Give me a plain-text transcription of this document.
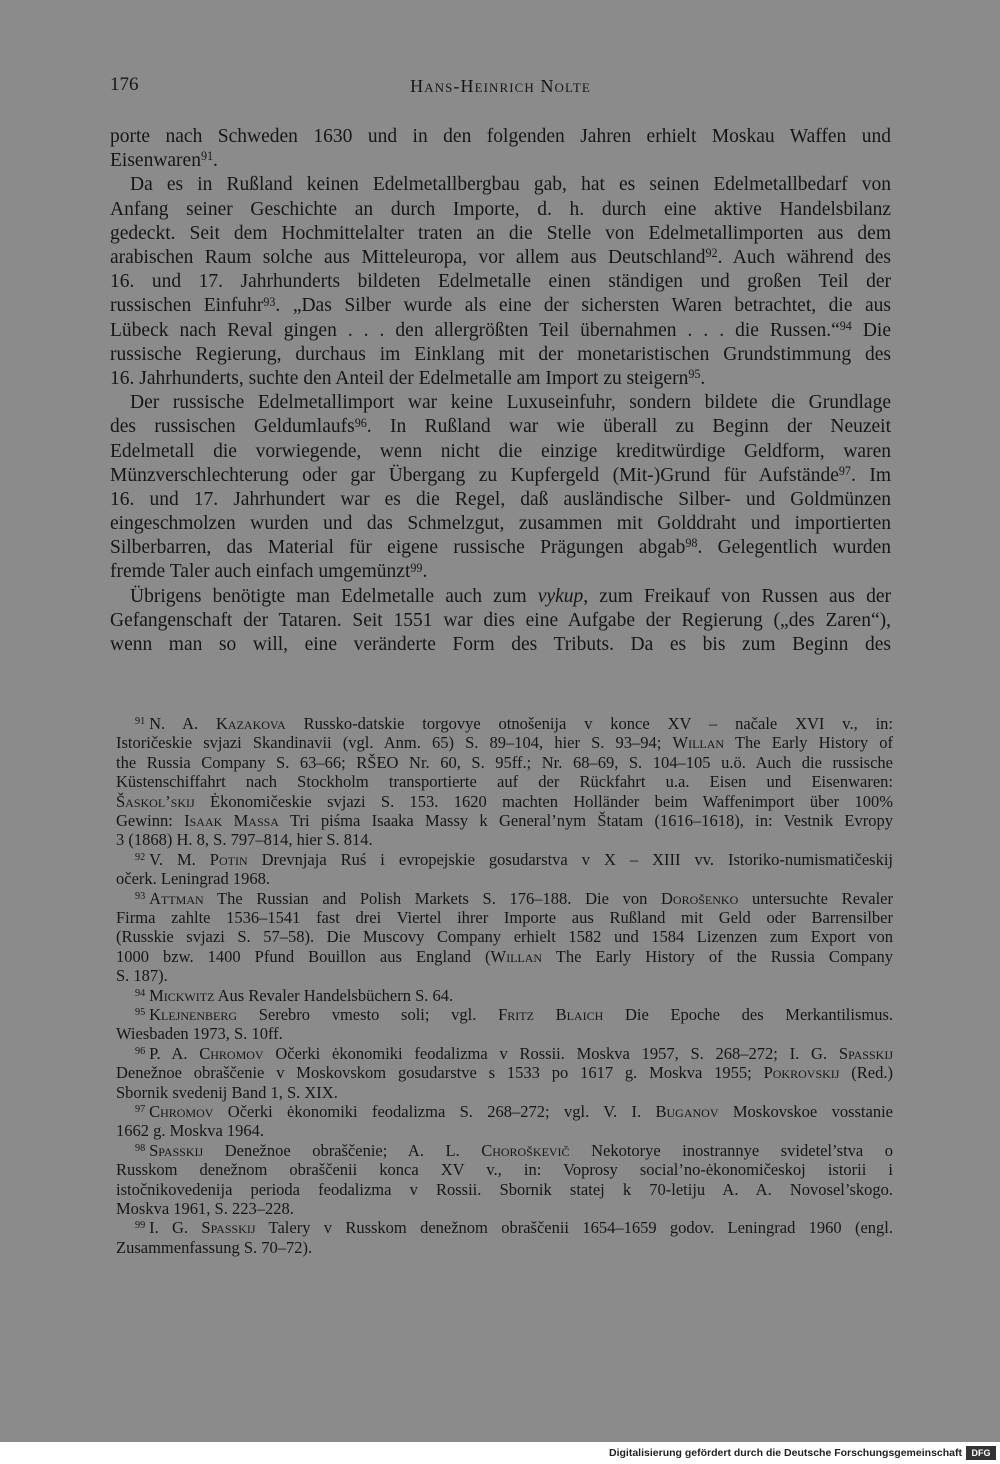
176	Hans-Heinrich Nolte
porte nach Schweden 1630 und in den folgenden Jahren erhielt Moskau Waffen und
Eisenwaren$^{91}$.
Da es in Rußland keinen Edelmetallbergbau gab, hat es seinen Edelmetallbedarf von
Anfang seiner Geschichte an durch Importe, d. h. durch eine aktive Handelsbilanz
gedeckt. Seit dem Hochmittelalter traten an die Stelle von Edelmetallimporten aus dem
arabischen Raum solche aus Mitteleuropa, vor allem aus Deutschland$^{92}$. Auch während des
16. und 17. Jahrhunderts bildeten Edelmetalle einen ständigen und großen Teil der
russischen Einfuhr$^{93}$. „Das Silber wurde als eine der sichersten Waren betrachtet, die aus
Lübeck nach Reval gingen . . . den allergrößten Teil übernahmen . . . die Russen.“$^{94}$ Die
russische Regierung, durchaus im Einklang mit der monetaristischen Grundstimmung des
16. Jahrhunderts, suchte den Anteil der Edelmetalle am Import zu steigern$^{95}$.
Der russische Edelmetallimport war keine Luxuseinfuhr, sondern bildete die Grundlage
des russischen Geldumlaufs$^{96}$. In Rußland war wie überall zu Beginn der Neuzeit
Edelmetall die vorwiegende, wenn nicht die einzige kreditwürdige Geldform, waren
Münzverschlechterung oder gar Übergang zu Kupfergeld (Mit-)Grund für Aufstände$^{97}$. Im
16. und 17. Jahrhundert war es die Regel, daß ausländische Silber- und Goldmünzen
eingeschmolzen wurden und das Schmelzgut, zusammen mit Golddraht und importierten
Silberbarren, das Material für eigene russische Prägungen abgab$^{98}$. Gelegentlich wurden
fremde Taler auch einfach umgemünzt$^{99}$.
Übrigens benötigte man Edelmetalle auch zum vykup, zum Freikauf von Russen aus der
Gefangenschaft der Tataren. Seit 1551 war dies eine Aufgabe der Regierung („des Zaren“),
wenn man so will, eine veränderte Form des Tributs. Da es bis zum Beginn des
$^{91}$ N. A. Kazakova Russko-datskie torgovye otnošenija v konce XV – načale XVI v., in:
Istoričeskie svjazi Skandinavii (vgl. Anm. 65) S. 89–104, hier S. 93–94; Willan The Early History of
the Russia Company S. 63–66; RŠEO Nr. 60, S. 95ff.; Nr. 68–69, S. 104–105 u.ö. Auch die russische
Küstenschiffahrt nach Stockholm transportierte auf der Rückfahrt u.a. Eisen und Eisenwaren:
Šaskol’skij Ėkonomičeskie svjazi S. 153. 1620 machten Holländer beim Waffenimport über 100%
Gewinn: Isaak Massa Tri piśma Isaaka Massy k General’nym Štatam (1616–1618), in: Vestnik Evropy
3 (1868) H. 8, S. 797–814, hier S. 814.
$^{92}$ V. M. Potin Drevnjaja Ruś i evropejskie gosudarstva v X – XIII vv. Istoriko-numismatičeskij
očerk. Leningrad 1968.
$^{93}$ Attman The Russian and Polish Markets S. 176–188. Die von Dorošenko untersuchte Revaler
Firma zahlte 1536–1541 fast drei Viertel ihrer Importe aus Rußland mit Geld oder Barrensilber
(Russkie svjazi S. 57–58). Die Muscovy Company erhielt 1582 und 1584 Lizenzen zum Export von
1000 bzw. 1400 Pfund Bouillon aus England (Willan The Early History of the Russia Company
S. 187).
$^{94}$ Mickwitz Aus Revaler Handelsbüchern S. 64.
$^{95}$ Klejnenberg Serebro vmesto soli; vgl. Fritz Blaich Die Epoche des Merkantilismus.
Wiesbaden 1973, S. 10ff.
$^{96}$ P. A. Chromov Očerki ėkonomiki feodalizma v Rossii. Moskva 1957, S. 268–272; I. G. Spasskij
Denežnoe obraščenie v Moskovskom gosudarstve s 1533 po 1617 g. Moskva 1955; Pokrovskij (Red.)
Sbornik svedenij Band 1, S. XIX.
$^{97}$ Chromov Očerki ėkonomiki feodalizma S. 268–272; vgl. V. I. Buganov Moskovskoe vosstanie
1662 g. Moskva 1964.
$^{98}$ Spasskij Denežnoe obraščenie; A. L. Choroškevič Nekotorye inostrannye svidetel’stva o
Russkom denežnom obraščenii konca XV v., in: Voprosy social’no-ėkonomičeskoj istorii i
istočnikovedenija perioda feodalizma v Rossii. Sbornik statej k 70-letiju A. A. Novosel’skogo.
Moskva 1961, S. 223–228.
$^{99}$ I. G. Spasskij Talery v Russkom denežnom obraščenii 1654–1659 godov. Leningrad 1960 (engl.
Zusammenfassung S. 70–72).
Digitalisierung gefördert durch die Deutsche Forschungsgemeinschaft	DFG
